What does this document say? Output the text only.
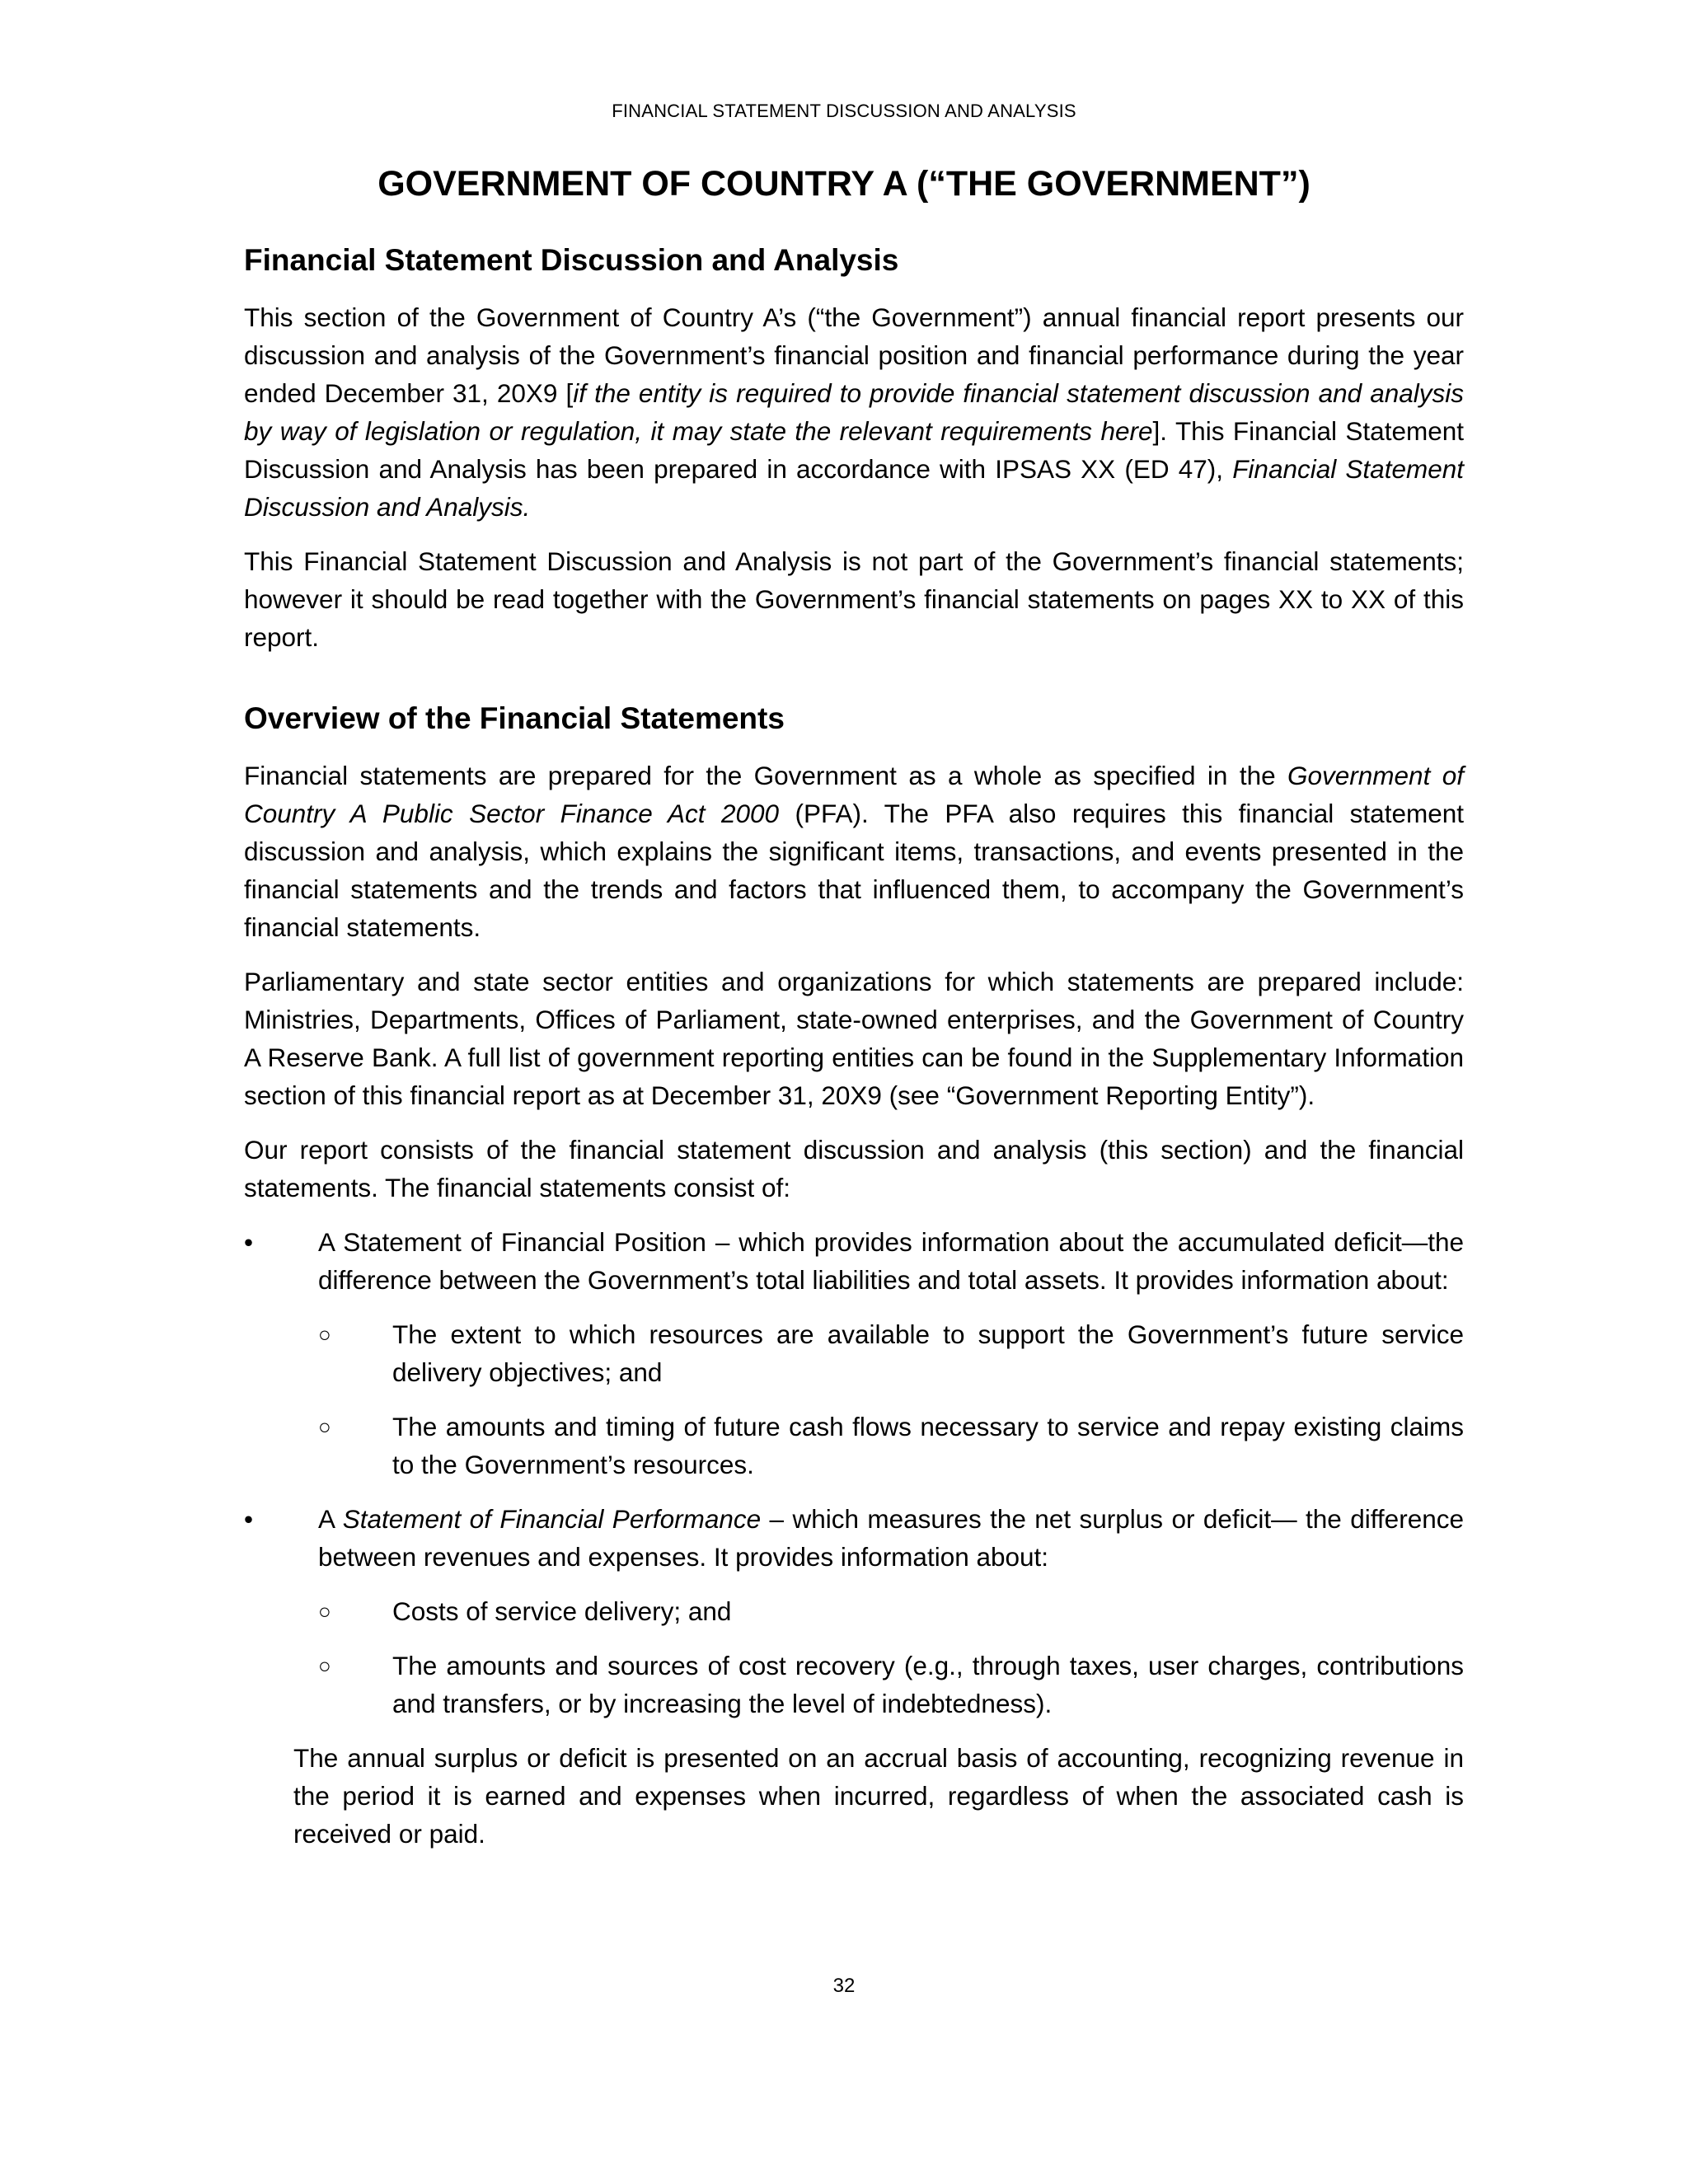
FINANCIAL STATEMENT DISCUSSION AND ANALYSIS
GOVERNMENT OF COUNTRY A (“THE GOVERNMENT”)
Financial Statement Discussion and Analysis

This section of the Government of Country A’s (“the Government”) annual financial report presents our discussion and analysis of the Government’s financial position and financial performance during the year ended December 31, 20X9 [if the entity is required to provide financial statement discussion and analysis by way of legislation or regulation, it may state the relevant requirements here]. This Financial Statement Discussion and Analysis has been prepared in accordance with IPSAS XX (ED 47), Financial Statement Discussion and Analysis.

This Financial Statement Discussion and Analysis is not part of the Government’s financial statements; however it should be read together with the Government’s financial statements on pages XX to XX of this report.

Overview of the Financial Statements

Financial statements are prepared for the Government as a whole as specified in the Government of Country A Public Sector Finance Act 2000 (PFA). The PFA also requires this financial statement discussion and analysis, which explains the significant items, transactions, and events presented in the financial statements and the trends and factors that influenced them, to accompany the Government’s financial statements.

Parliamentary and state sector entities and organizations for which statements are prepared include: Ministries, Departments, Offices of Parliament, state-owned enterprises, and the Government of Country A Reserve Bank. A full list of government reporting entities can be found in the Supplementary Information section of this financial report as at December 31, 20X9 (see “Government Reporting Entity”).

Our report consists of the financial statement discussion and analysis (this section) and the financial statements. The financial statements consist of:

•	A Statement of Financial Position – which provides information about the accumulated deficit—the difference between the Government’s total liabilities and total assets. It provides information about:
○	The extent to which resources are available to support the Government’s future service delivery objectives; and
○	The amounts and timing of future cash flows necessary to service and repay existing claims to the Government’s resources.
•	A Statement of Financial Performance – which measures the net surplus or deficit— the difference between revenues and expenses. It provides information about:
○	Costs of service delivery; and
○	The amounts and sources of cost recovery (e.g., through taxes, user charges, contributions and transfers, or by increasing the level of indebtedness).

The annual surplus or deficit is presented on an accrual basis of accounting, recognizing revenue in the period it is earned and expenses when incurred, regardless of when the associated cash is received or paid.

32
